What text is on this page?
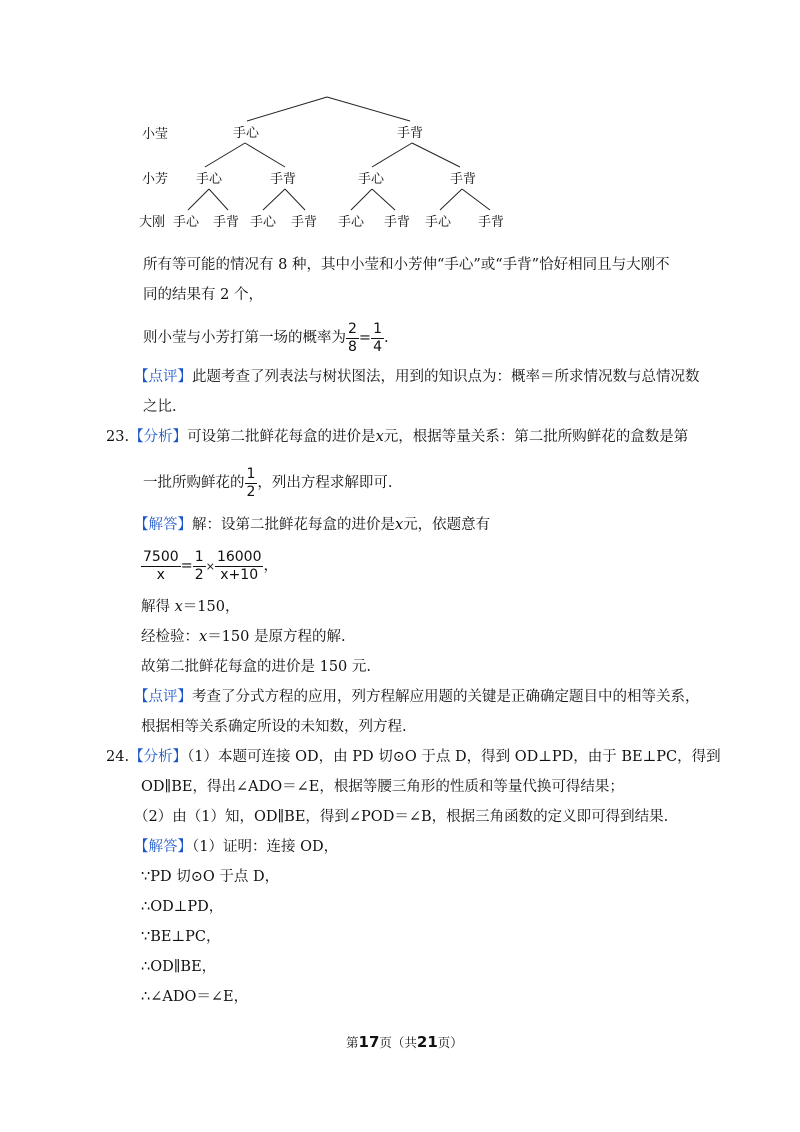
小莹
小芳
大刚
手心	手背
手心	手背	手心	手背
手心 手背 手心 手背 手心 手背 手心 手背
所有等可能的情况有 8 种，其中小莹和小芳伸“手心”或“手背”恰好相同且与大刚不
同的结果有 2 个，
则小莹与小芳打第一场的概率为 $\frac{2}{8} = \frac{1}{4}$ .
【点评】此题考查了列表法与树状图法，用到的知识点为：概率＝所求情况数与总情况数
之比.
23.【分析】可设第二批鲜花每盒的进价是x元，根据等量关系：第二批所购鲜花的盒数是第
一批所购鲜花的 $\frac{1}{2}$ ，列出方程求解即可.
【解答】解：设第二批鲜花每盒的进价是x元，依题意有
$\frac{7500}{x} = \frac{1}{2} \times \frac{16000}{x+10}$ ，
解得 x＝150，
经检验：x＝150 是原方程的解.
故第二批鲜花每盒的进价是 150 元.
【点评】考查了分式方程的应用，列方程解应用题的关键是正确确定题目中的相等关系，
根据相等关系确定所设的未知数，列方程.
24.【分析】（1）本题可连接 OD，由 PD 切⊙O 于点 D，得到 OD⊥PD，由于 BE⊥PC，得到
OD∥BE，得出∠ADO＝∠E，根据等腰三角形的性质和等量代换可得结果；
（2）由（1）知，OD∥BE，得到∠POD＝∠B，根据三角函数的定义即可得到结果.
【解答】（1）证明：连接 OD，
∵PD 切⊙O 于点 D，
∴OD⊥PD，
∵BE⊥PC，
∴OD∥BE，
∴∠ADO＝∠E，
第17页（共21页）
